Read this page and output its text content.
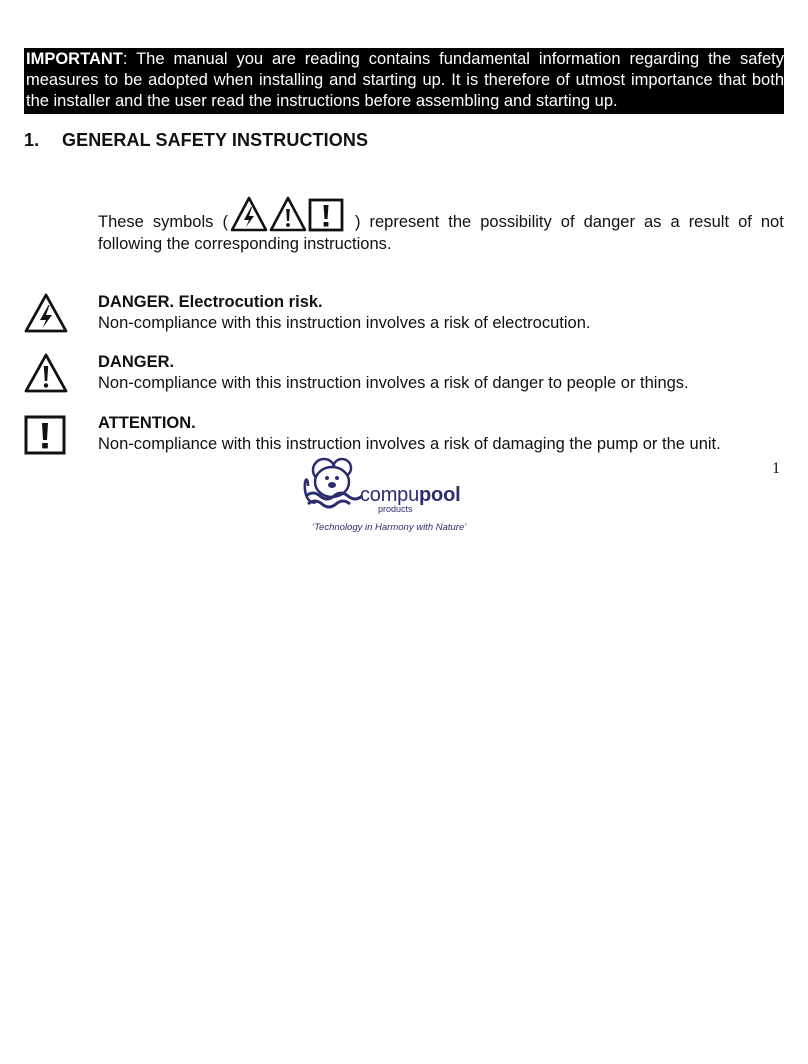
IMPORTANT: The manual you are reading contains fundamental information regarding the safety measures to be adopted when installing and starting up. It is therefore of utmost importance that both the installer and the user read the instructions before assembling and starting up.
1. GENERAL SAFETY INSTRUCTIONS
These symbols (	) represent the possibility of danger as a result of not
following the corresponding instructions.
DANGER. Electrocution risk.
Non-compliance with this instruction involves a risk of electrocution.
DANGER.
Non-compliance with this instruction involves a risk of danger to people or things.
ATTENTION.
Non-compliance with this instruction involves a risk of damaging the pump or the unit.
1
compupool
products
‘Technology in Harmony with Nature’
